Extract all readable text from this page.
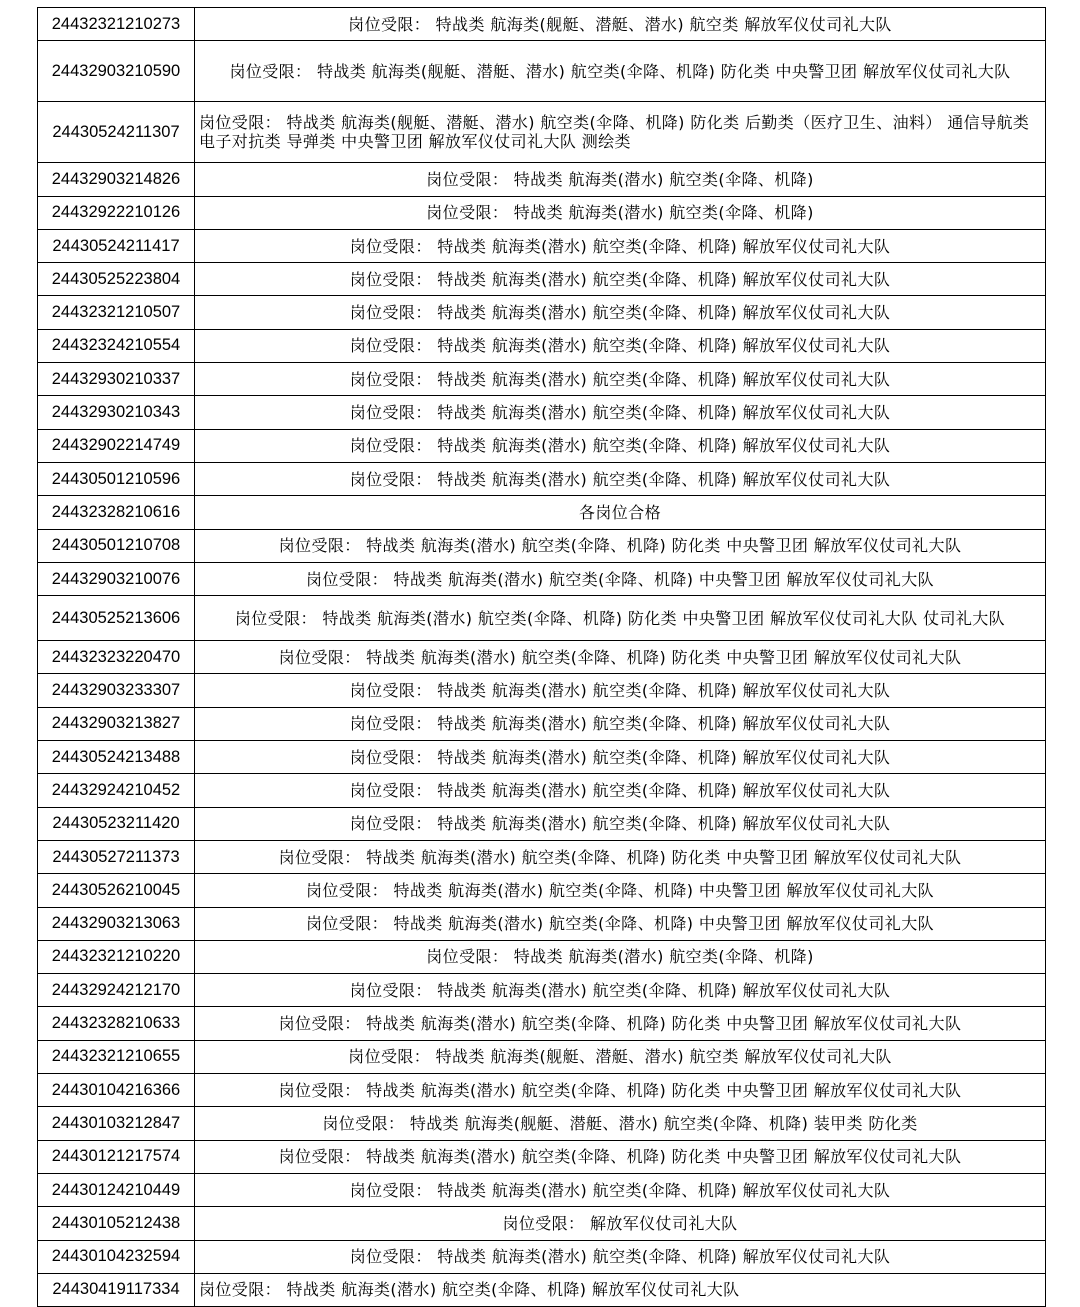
24432321210273	岗位受限： 特战类 航海类(舰艇、潜艇、潜水) 航空类 解放军仪仗司礼大队
24432903210590	岗位受限： 特战类 航海类(舰艇、潜艇、潜水) 航空类(伞降、机降) 防化类 中央警卫团 解放军仪仗司礼大队
24430524211307	岗位受限： 特战类 航海类(舰艇、潜艇、潜水) 航空类(伞降、机降) 防化类 后勤类（医疗卫生、油料） 通信导航类 电子对抗类 导弹类 中央警卫团 解放军仪仗司礼大队 测绘类
24432903214826	岗位受限： 特战类 航海类(潜水) 航空类(伞降、机降)
24432922210126	岗位受限： 特战类 航海类(潜水) 航空类(伞降、机降)
24430524211417	岗位受限： 特战类 航海类(潜水) 航空类(伞降、机降) 解放军仪仗司礼大队
24430525223804	岗位受限： 特战类 航海类(潜水) 航空类(伞降、机降) 解放军仪仗司礼大队
24432321210507	岗位受限： 特战类 航海类(潜水) 航空类(伞降、机降) 解放军仪仗司礼大队
24432324210554	岗位受限： 特战类 航海类(潜水) 航空类(伞降、机降) 解放军仪仗司礼大队
24432930210337	岗位受限： 特战类 航海类(潜水) 航空类(伞降、机降) 解放军仪仗司礼大队
24432930210343	岗位受限： 特战类 航海类(潜水) 航空类(伞降、机降) 解放军仪仗司礼大队
24432902214749	岗位受限： 特战类 航海类(潜水) 航空类(伞降、机降) 解放军仪仗司礼大队
24430501210596	岗位受限： 特战类 航海类(潜水) 航空类(伞降、机降) 解放军仪仗司礼大队
24432328210616	各岗位合格
24430501210708	岗位受限： 特战类 航海类(潜水) 航空类(伞降、机降) 防化类 中央警卫团 解放军仪仗司礼大队
24432903210076	岗位受限： 特战类 航海类(潜水) 航空类(伞降、机降) 中央警卫团 解放军仪仗司礼大队
24430525213606	岗位受限： 特战类 航海类(潜水) 航空类(伞降、机降) 防化类 中央警卫团 解放军仪仗司礼大队 仗司礼大队
24432323220470	岗位受限： 特战类 航海类(潜水) 航空类(伞降、机降) 防化类 中央警卫团 解放军仪仗司礼大队
24432903233307	岗位受限： 特战类 航海类(潜水) 航空类(伞降、机降) 解放军仪仗司礼大队
24432903213827	岗位受限： 特战类 航海类(潜水) 航空类(伞降、机降) 解放军仪仗司礼大队
24430524213488	岗位受限： 特战类 航海类(潜水) 航空类(伞降、机降) 解放军仪仗司礼大队
24432924210452	岗位受限： 特战类 航海类(潜水) 航空类(伞降、机降) 解放军仪仗司礼大队
24430523211420	岗位受限： 特战类 航海类(潜水) 航空类(伞降、机降) 解放军仪仗司礼大队
24430527211373	岗位受限： 特战类 航海类(潜水) 航空类(伞降、机降) 防化类 中央警卫团 解放军仪仗司礼大队
24430526210045	岗位受限： 特战类 航海类(潜水) 航空类(伞降、机降) 中央警卫团 解放军仪仗司礼大队
24432903213063	岗位受限： 特战类 航海类(潜水) 航空类(伞降、机降) 中央警卫团 解放军仪仗司礼大队
24432321210220	岗位受限： 特战类 航海类(潜水) 航空类(伞降、机降)
24432924212170	岗位受限： 特战类 航海类(潜水) 航空类(伞降、机降) 解放军仪仗司礼大队
24432328210633	岗位受限： 特战类 航海类(潜水) 航空类(伞降、机降) 防化类 中央警卫团 解放军仪仗司礼大队
24432321210655	岗位受限： 特战类 航海类(舰艇、潜艇、潜水) 航空类 解放军仪仗司礼大队
24430104216366	岗位受限： 特战类 航海类(潜水) 航空类(伞降、机降) 防化类 中央警卫团 解放军仪仗司礼大队
24430103212847	岗位受限： 特战类 航海类(舰艇、潜艇、潜水) 航空类(伞降、机降) 装甲类 防化类
24430121217574	岗位受限： 特战类 航海类(潜水) 航空类(伞降、机降) 防化类 中央警卫团 解放军仪仗司礼大队
24430124210449	岗位受限： 特战类 航海类(潜水) 航空类(伞降、机降) 解放军仪仗司礼大队
24430105212438	岗位受限： 解放军仪仗司礼大队
24430104232594	岗位受限： 特战类 航海类(潜水) 航空类(伞降、机降) 解放军仪仗司礼大队
24430419117334	岗位受限： 特战类 航海类(潜水) 航空类(伞降、机降) 解放军仪仗司礼大队
